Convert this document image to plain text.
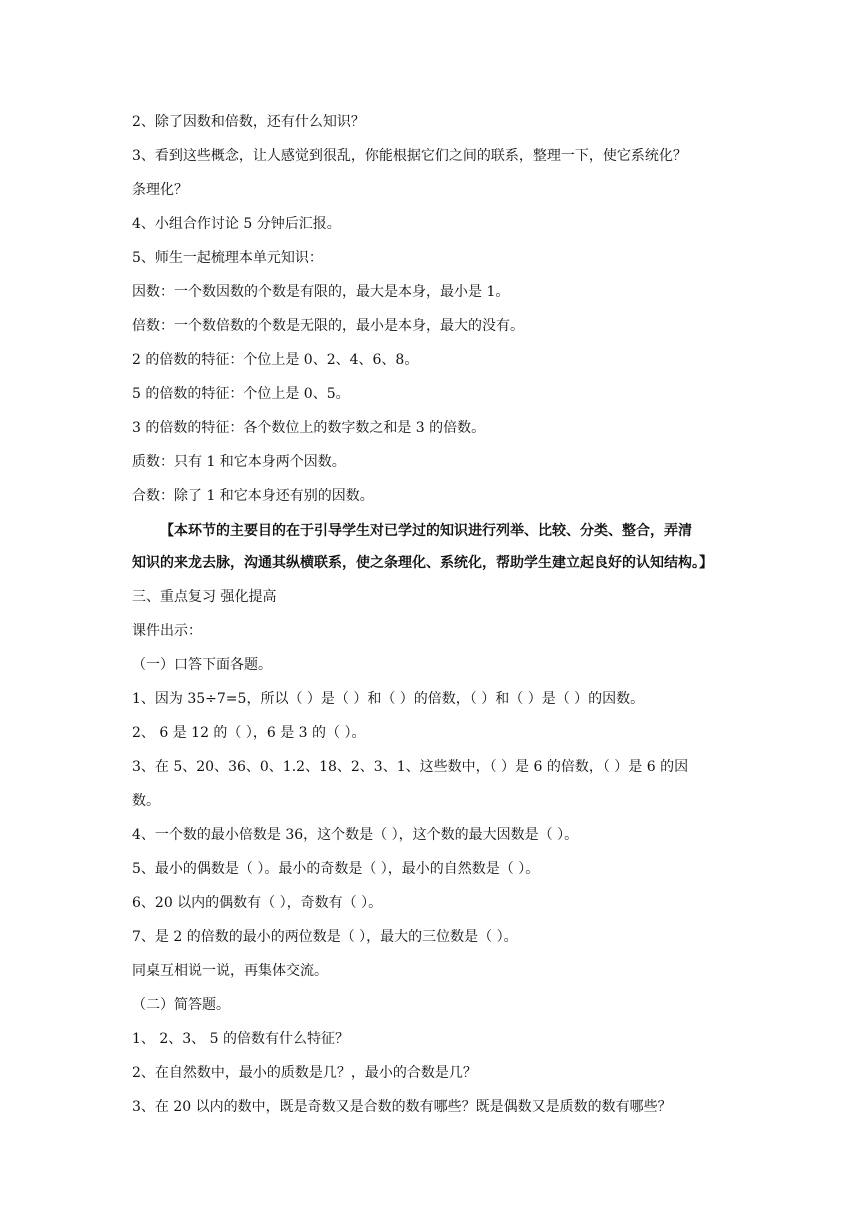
2、除了因数和倍数，还有什么知识？
3、看到这些概念，让人感觉到很乱，你能根据它们之间的联系，整理一下，使它系统化？
条理化？
4、小组合作讨论 5 分钟后汇报。
5、师生一起梳理本单元知识：
因数：一个数因数的个数是有限的，最大是本身，最小是 1。
倍数：一个数倍数的个数是无限的，最小是本身，最大的没有。
2 的倍数的特征：个位上是 0、2、4、6、8。
5 的倍数的特征：个位上是 0、5。
3 的倍数的特征：各个数位上的数字数之和是 3 的倍数。
质数：只有 1 和它本身两个因数。
合数：除了 1 和它本身还有别的因数。
【本环节的主要目的在于引导学生对已学过的知识进行列举、比较、分类、整合，弄清
知识的来龙去脉，沟通其纵横联系，使之条理化、系统化，帮助学生建立起良好的认知结构。】
三、重点复习 强化提高
课件出示：
（一）口答下面各题。
1、因为 35÷7=5，所以（ ）是（ ）和（ ）的倍数，（ ）和（ ）是（ ）的因数。
2、 6 是 12 的（ ），6 是 3 的（ ）。
3、在 5、20、36、0、1.2、18、2、3、1、这些数中，（ ）是 6 的倍数，（ ）是 6 的因
数。
4、一个数的最小倍数是 36，这个数是（ ），这个数的最大因数是（ ）。
5、最小的偶数是（ ）。最小的奇数是（ ），最小的自然数是（ ）。
6、20 以内的偶数有（ ），奇数有（ ）。
7、是 2 的倍数的最小的两位数是（ ），最大的三位数是（ ）。
同桌互相说一说，再集体交流。
（二）简答题。
1、 2、3、 5 的倍数有什么特征？
2、在自然数中，最小的质数是几？，最小的合数是几？
3、在 20 以内的数中，既是奇数又是合数的数有哪些？既是偶数又是质数的数有哪些？
